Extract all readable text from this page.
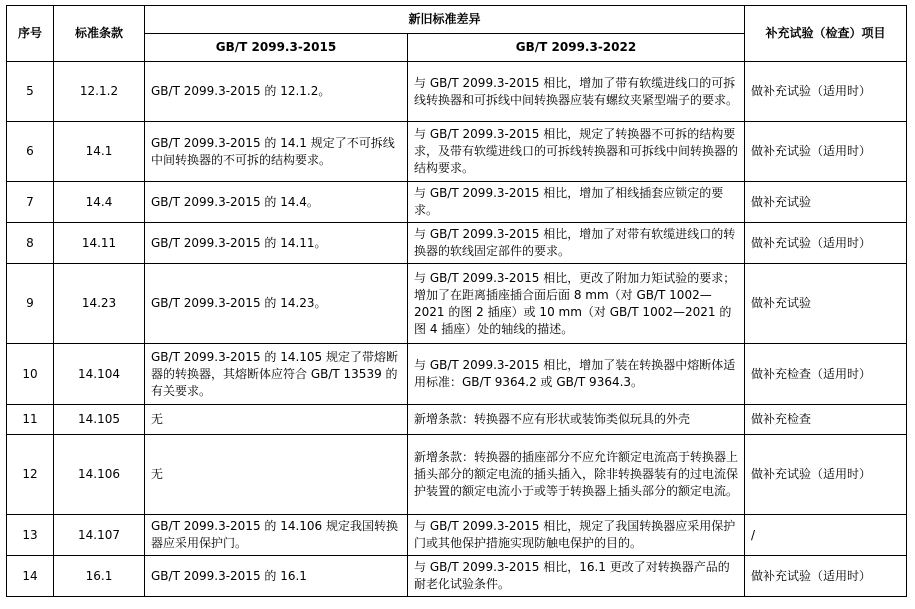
序号	标准条款	新旧标准差异		补充试验（检查）项目
		GB/T 2099.3-2015	GB/T 2099.3-2022	
5	12.1.2	GB/T 2099.3-2015 的 12.1.2。	与 GB/T 2099.3-2015 相比，增加了带有软缆进线口的可拆线转换器和可拆线中间转换器应装有螺纹夹紧型端子的要求。	做补充试验（适用时）
6	14.1	GB/T 2099.3-2015 的 14.1 规定了不可拆线中间转换器的不可拆的结构要求。	与 GB/T 2099.3-2015 相比，规定了转换器不可拆的结构要求，及带有软缆进线口的可拆线转换器和可拆线中间转换器的结构要求。	做补充试验（适用时）
7	14.4	GB/T 2099.3-2015 的 14.4。	与 GB/T 2099.3-2015 相比，增加了相线插套应锁定的要求。	做补充试验
8	14.11	GB/T 2099.3-2015 的 14.11。	与 GB/T 2099.3-2015 相比，增加了对带有软缆进线口的转换器的软线固定部件的要求。	做补充试验（适用时）
9	14.23	GB/T 2099.3-2015 的 14.23。	与 GB/T 2099.3-2015 相比，更改了附加力矩试验的要求；增加了在距离插座插合面后面 8 mm（对 GB/T 1002—2021 的图 2 插座）或 10 mm（对 GB/T 1002—2021 的图 4 插座）处的轴线的描述。	做补充试验
10	14.104	GB/T 2099.3-2015 的 14.105 规定了带熔断器的转换器，其熔断体应符合 GB/T 13539 的有关要求。	与 GB/T 2099.3-2015 相比，增加了装在转换器中熔断体适用标准：GB/T 9364.2 或 GB/T 9364.3。	做补充检查（适用时）
11	14.105	无	新增条款：转换器不应有形状或装饰类似玩具的外壳	做补充检查
12	14.106	无	新增条款：转换器的插座部分不应允许额定电流高于转换器上插头部分的额定电流的插头插入，除非转换器装有的过电流保护装置的额定电流小于或等于转换器上插头部分的额定电流。	做补充试验（适用时）
13	14.107	GB/T 2099.3-2015 的 14.106 规定我国转换器应采用保护门。	与 GB/T 2099.3-2015 相比，规定了我国转换器应采用保护门或其他保护措施实现防触电保护的目的。	/
14	16.1	GB/T 2099.3-2015 的 16.1	与 GB/T 2099.3-2015 相比，16.1 更改了对转换器产品的耐老化试验条件。	做补充试验（适用时）
